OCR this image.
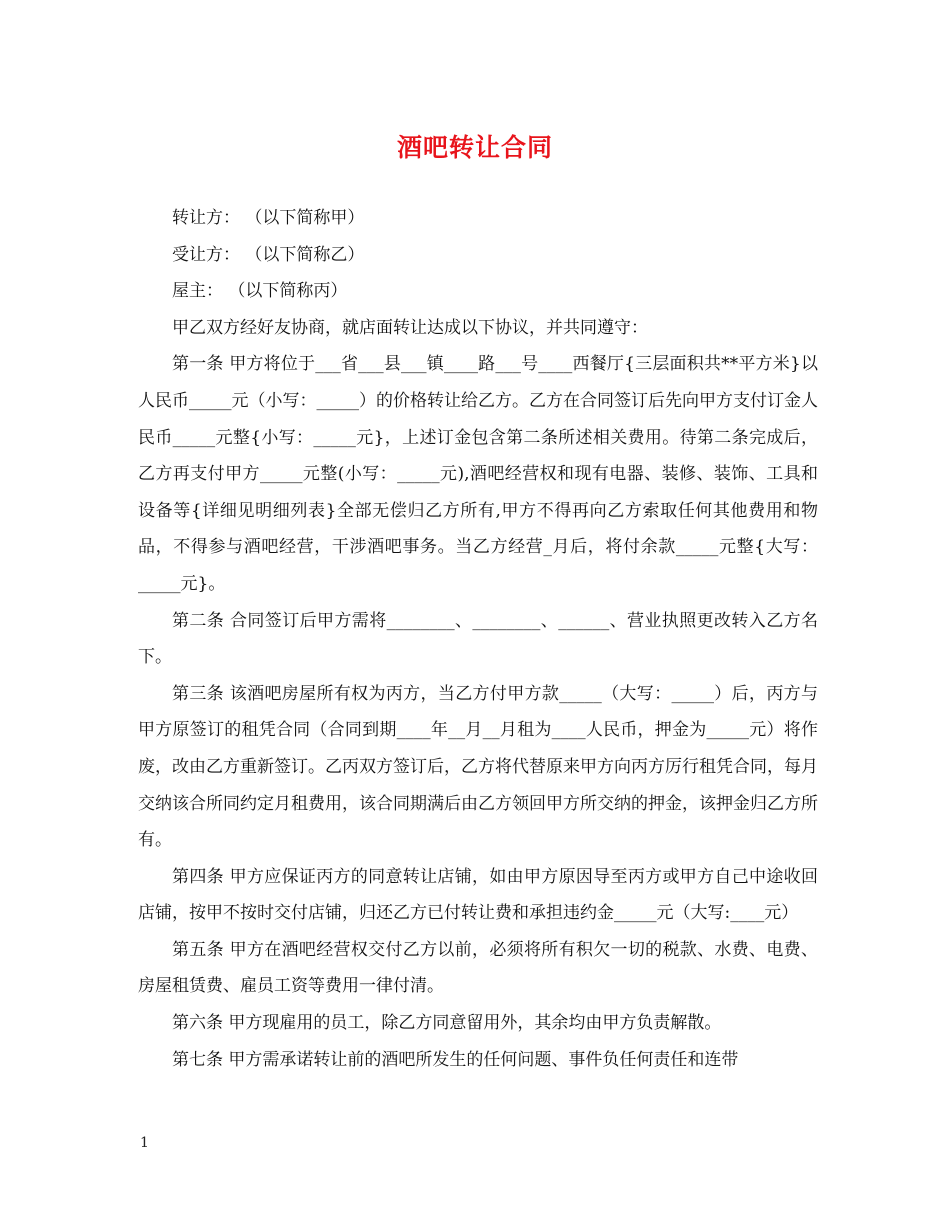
酒吧转让合同

转让方： （以下简称甲）

受让方： （以下简称乙）

屋主： （以下简称丙）

甲乙双方经好友协商，就店面转让达成以下协议，并共同遵守：

第一条 甲方将位于___省___县___镇____路___号____西餐厅{三层面积共**平方米}以人民币_____元（小写：_____）的价格转让给乙方。乙方在合同签订后先向甲方支付订金人民币_____元整{小写：_____元}，上述订金包含第二条所述相关费用。待第二条完成后，乙方再支付甲方_____元整(小写：_____元),酒吧经营权和现有电器、装修、装饰、工具和设备等{详细见明细列表}全部无偿归乙方所有,甲方不得再向乙方索取任何其他费用和物品，不得参与酒吧经营，干涉酒吧事务。当乙方经营_月后，将付余款_____元整{大写：_____元}。

第二条 合同签订后甲方需将________、________、______、营业执照更改转入乙方名下。

第三条 该酒吧房屋所有权为丙方，当乙方付甲方款_____（大写：_____）后，丙方与甲方原签订的租凭合同（合同到期____年__月__月租为____人民币，押金为_____元）将作废，改由乙方重新签订。乙丙双方签订后，乙方将代替原来甲方向丙方厉行租凭合同，每月交纳该合所同约定月租费用，该合同期满后由乙方领回甲方所交纳的押金，该押金归乙方所有。

第四条 甲方应保证丙方的同意转让店铺，如由甲方原因导至丙方或甲方自己中途收回店铺，按甲不按时交付店铺，归还乙方已付转让费和承担违约金_____元（大写:____元）

第五条 甲方在酒吧经营权交付乙方以前，必须将所有积欠一切的税款、水费、电费、房屋租赁费、雇员工资等费用一律付清。

第六条 甲方现雇用的员工，除乙方同意留用外，其余均由甲方负责解散。

第七条 甲方需承诺转让前的酒吧所发生的任何问题、事件负任何责任和连带

1
